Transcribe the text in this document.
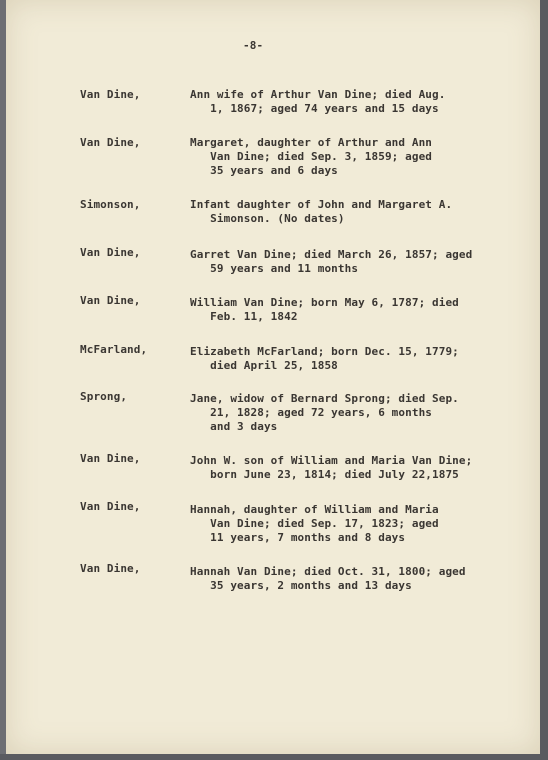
-8-
Van Dine,	Ann wife of Arthur Van Dine; died Aug.
1, 1867; aged 74 years and 15 days
Van Dine,	Margaret, daughter of Arthur and Ann
Van Dine; died Sep. 3, 1859; aged
35 years and 6 days
Simonson,	Infant daughter of John and Margaret A.
Simonson. (No dates)
Van Dine,	Garret Van Dine; died March 26, 1857; aged
59 years and 11 months
Van Dine,	William Van Dine; born May 6, 1787; died
Feb. 11, 1842
McFarland,	Elizabeth McFarland; born Dec. 15, 1779;
died April 25, 1858
Sprong,	Jane, widow of Bernard Sprong; died Sep.
21, 1828; aged 72 years, 6 months
and 3 days
Van Dine,	John W. son of William and Maria Van Dine;
born June 23, 1814; died July 22,1875
Van Dine,	Hannah, daughter of William and Maria
Van Dine; died Sep. 17, 1823; aged
11 years, 7 months and 8 days
Van Dine,	Hannah Van Dine; died Oct. 31, 1800; aged
35 years, 2 months and 13 days
